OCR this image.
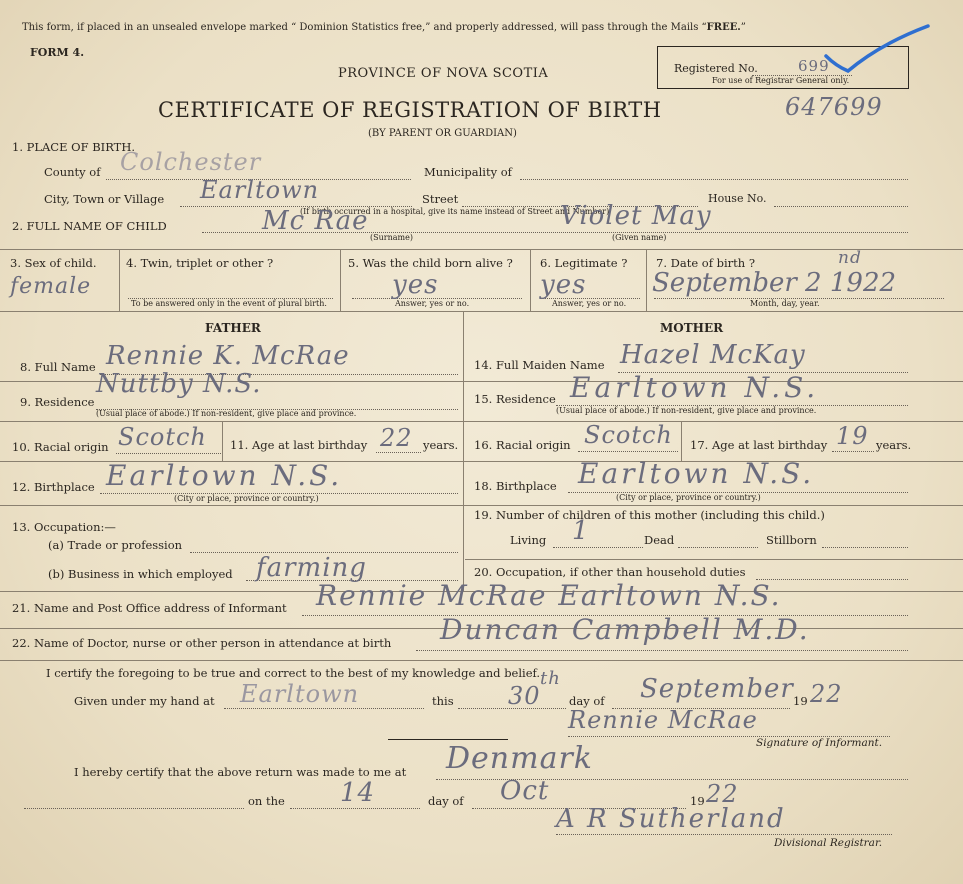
This form, if placed in an unsealed envelope marked “ Dominion Statistics free,” and properly addressed, will pass through the Mails “FREE.”
FORM 4.
PROVINCE OF NOVA SCOTIA	Registered No.	699
For use of Registrar General only.
CERTIFICATE OF REGISTRATION OF BIRTH	647699
(BY PARENT OR GUARDIAN)
1. PLACE OF BIRTH.
County of Colchester	Municipality of
City, Town or Village Earltown	Street	House No.
(If birth occurred in a hospital, give its name instead of Street and Number)
2. FULL NAME OF CHILD	Mc Rae
(Surname)
Violet May
(Given name)
3. Sex of child.
female
4. Twin, triplet or other ?
To be answered only in the event of plural birth.
5. Was the child born alive ?
yes
Answer, yes or no.
6. Legitimate ?
yes
Answer, yes or no.
7. Date of birth ?	nd
September 2 1922
Month, day, year.
FATHER	MOTHER
8. Full Name Rennie K. McRae	14. Full Maiden Name Hazel McKay
9. Residence
Nuttby N.S.
(Usual place of abode.) If non-resident, give place and province.
15. Residence Earltown N.S.
(Usual place of abode.) If non-resident, give place and province.
10. Racial origin Scotch 11. Age at last birthday 22 years. 16. Racial origin Scotch 17. Age at last birthday 19 years.
12. Birthplace Earltown N.S.
(City or place, province or country.)
18. Birthplace Earltown N.S.
(City or place, province or country.)
13. Occupation:—
(a) Trade or profession
19. Number of children of this mother (including this child.)
Living 1	Dead	Stillborn
(b) Business in which employed farming	20. Occupation, if other than household duties
21. Name and Post Office address of Informant Rennie McRae Earltown N.S.
22. Name of Doctor, nurse or other person in attendance at birth Duncan Campbell M.D.
I certify the foregoing to be true and correct to the best of my knowledge and belief.
Given under my hand at Earltown	this 30
th
day of September 19 22
Rennie McRae
Signature of Informant.
I hereby certify that the above return was made to me at Denmark
on the 14	day of Oct	19 22
A R Sutherland
Divisional Registrar.
